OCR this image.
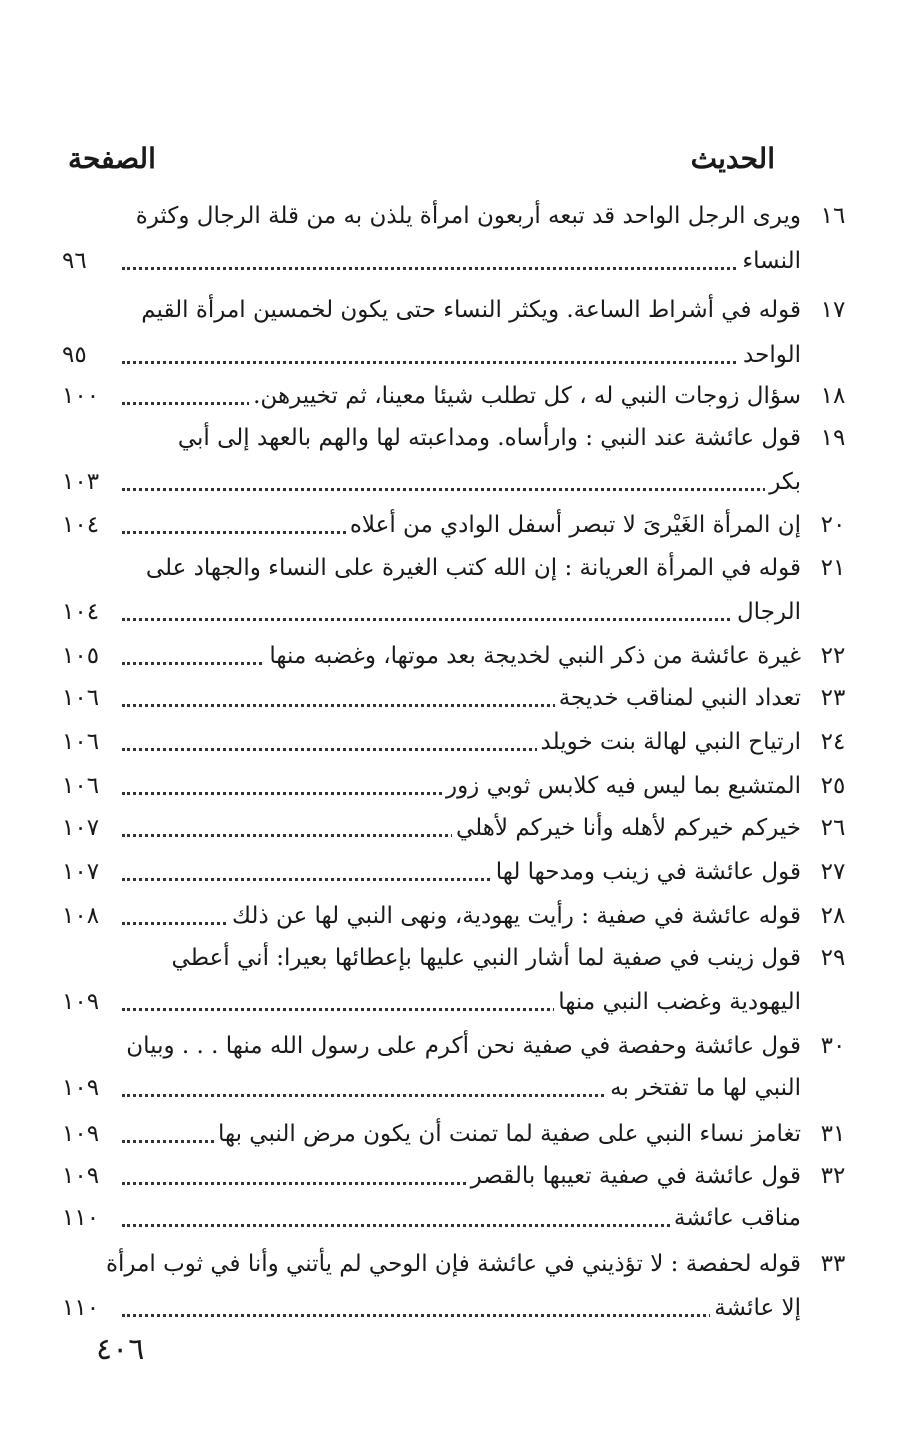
الحديث
الصفحة
١٦
ويرى الرجل الواحد قد تبعه أربعون امرأة يلذن به من قلة الرجال وكثرة
النساء
٩٦
١٧
قوله في أشراط الساعة. ويكثر النساء حتى يكون لخمسين امرأة القيم
الواحد
٩٥
١٨
سؤال زوجات النبي له ، كل تطلب شيئا معينا، ثم تخييرهن.
١٠٠
١٩
قول عائشة عند النبي : وارأساه. ومداعبته لها والهم بالعهد إلى أبي
بكر
١٠٣
٢٠
إن المرأة الغَيْرىَ لا تبصر أسفل الوادي من أعلاه
١٠٤
٢١
قوله في المرأة العريانة : إن الله كتب الغيرة على النساء والجهاد على
الرجال
١٠٤
٢٢
غيرة عائشة من ذكر النبي لخديجة بعد موتها، وغضبه منها
١٠٥
٢٣
تعداد النبي لمناقب خديجة
١٠٦
٢٤
ارتياح النبي لهالة بنت خويلد
١٠٦
٢٥
المتشبع بما ليس فيه كلابس ثوبي زور
١٠٦
٢٦
خيركم خيركم لأهله وأنا خيركم لأهلي
١٠٧
٢٧
قول عائشة في زينب ومدحها لها
١٠٧
٢٨
قوله عائشة في صفية : رأيت يهودية، ونهى النبي لها عن ذلك
١٠٨
٢٩
قول زينب في صفية لما أشار النبي عليها بإعطائها بعيرا: أني أعطي
اليهودية وغضب النبي منها
١٠٩
٣٠
قول عائشة وحفصة في صفية نحن أكرم على رسول الله منها . . . وبيان
النبي لها ما تفتخر به
١٠٩
٣١
تغامز نساء النبي على صفية لما تمنت أن يكون مرض النبي بها
١٠٩
٣٢
قول عائشة في صفية تعيبها بالقصر
١٠٩
مناقب عائشة
١١٠
٣٣
قوله لحفصة : لا تؤذيني في عائشة فإن الوحي لم يأتني وأنا في ثوب امرأة
إلا عائشة
١١٠
٤٠٦
